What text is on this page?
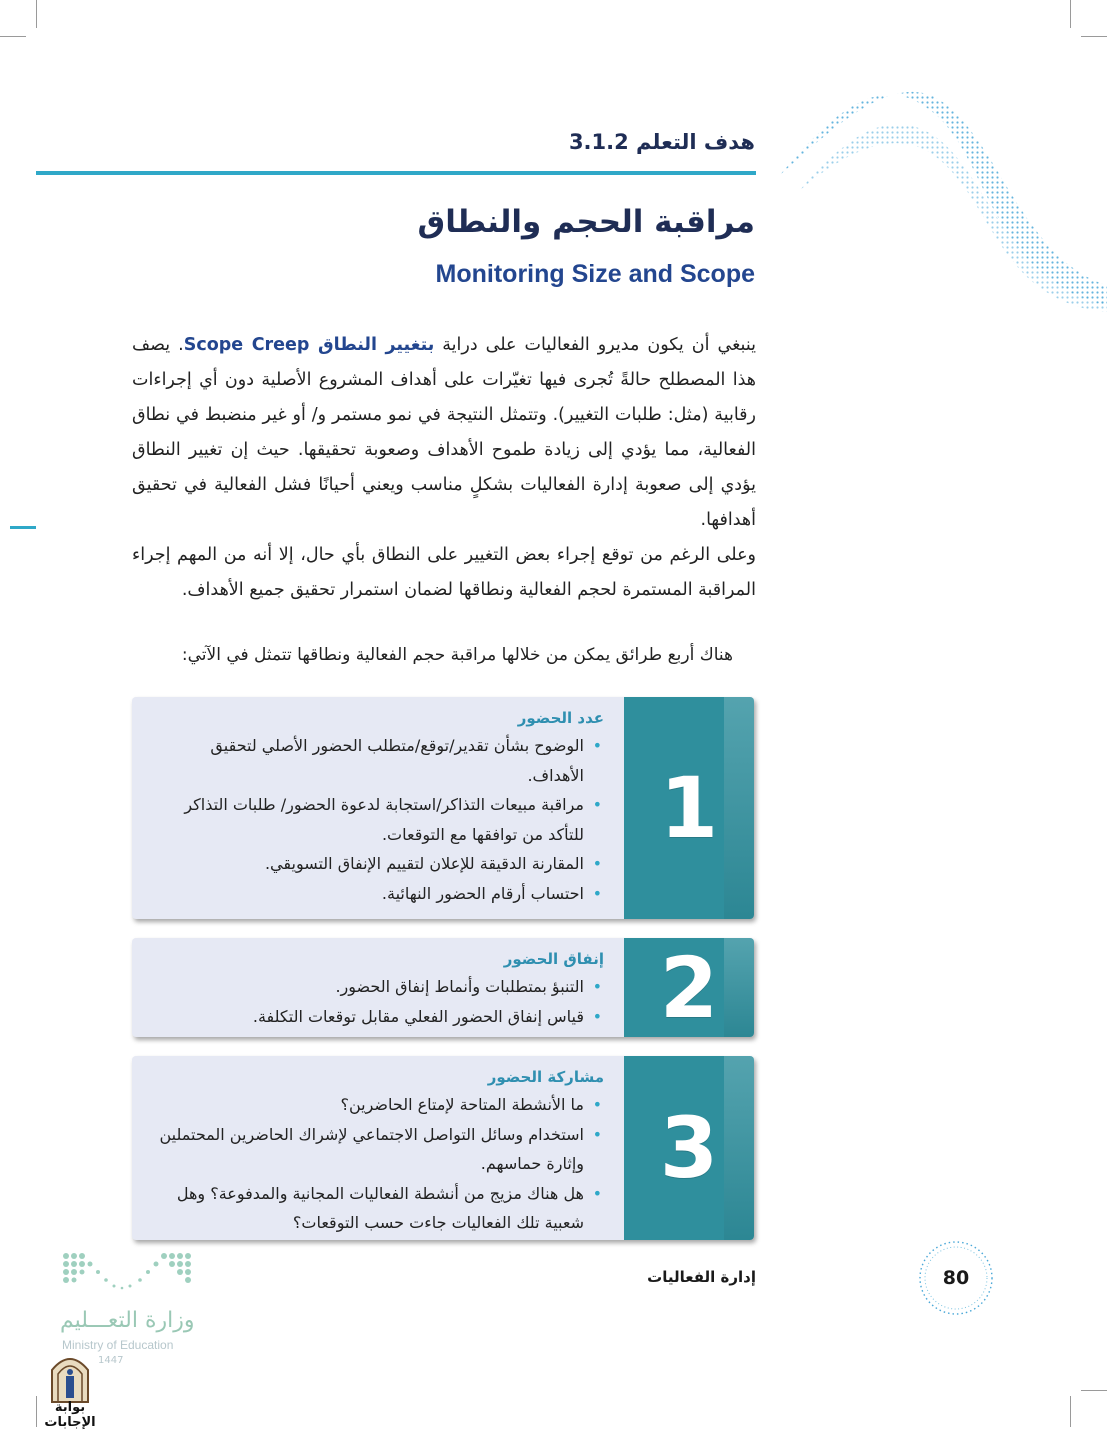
هدف التعلم 3.1.2
مراقبة الحجم والنطاق
Monitoring Size and Scope

ينبغي أن يكون مديرو الفعاليات على دراية بتغيير النطاق Scope Creep. يصف هذا المصطلح حالةً تُجرى فيها تغيّرات على أهداف المشروع الأصلية دون أي إجراءات رقابية (مثل: طلبات التغيير). وتتمثل النتيجة في نمو مستمر و/ أو غير منضبط في نطاق الفعالية، مما يؤدي إلى زيادة طموح الأهداف وصعوبة تحقيقها. حيث إن تغيير النطاق يؤدي إلى صعوبة إدارة الفعاليات بشكلٍ مناسب ويعني أحيانًا فشل الفعالية في تحقيق أهدافها.

وعلى الرغم من توقع إجراء بعض التغيير على النطاق بأي حال، إلا أنه من المهم إجراء المراقبة المستمرة لحجم الفعالية ونطاقها لضمان استمرار تحقيق جميع الأهداف.

هناك أربع طرائق يمكن من خلالها مراقبة حجم الفعالية ونطاقها تتمثل في الآتي:
1
عدد الحضور
• الوضوح بشأن تقدير/توقع/متطلب الحضور الأصلي لتحقيق الأهداف.
• مراقبة مبيعات التذاكر/استجابة لدعوة الحضور/ طلبات التذاكر للتأكد من توافقها مع التوقعات.
• المقارنة الدقيقة للإعلان لتقييم الإنفاق التسويقي.
• احتساب أرقام الحضور النهائية.
2
إنفاق الحضور
• التنبؤ بمتطلبات وأنماط إنفاق الحضور.
• قياس إنفاق الحضور الفعلي مقابل توقعات التكلفة.
3
مشاركة الحضور
• ما الأنشطة المتاحة لإمتاع الحاضرين؟
• استخدام وسائل التواصل الاجتماعي لإشراك الحاضرين المحتملين وإثارة حماسهم.
• هل هناك مزيج من أنشطة الفعاليات المجانية والمدفوعة؟ وهل شعبية تلك الفعاليات جاءت حسب التوقعات؟
إدارة الفعاليات	80
وزارة التعـــليم
Ministry of Education
1447
بوابة الإجابات
